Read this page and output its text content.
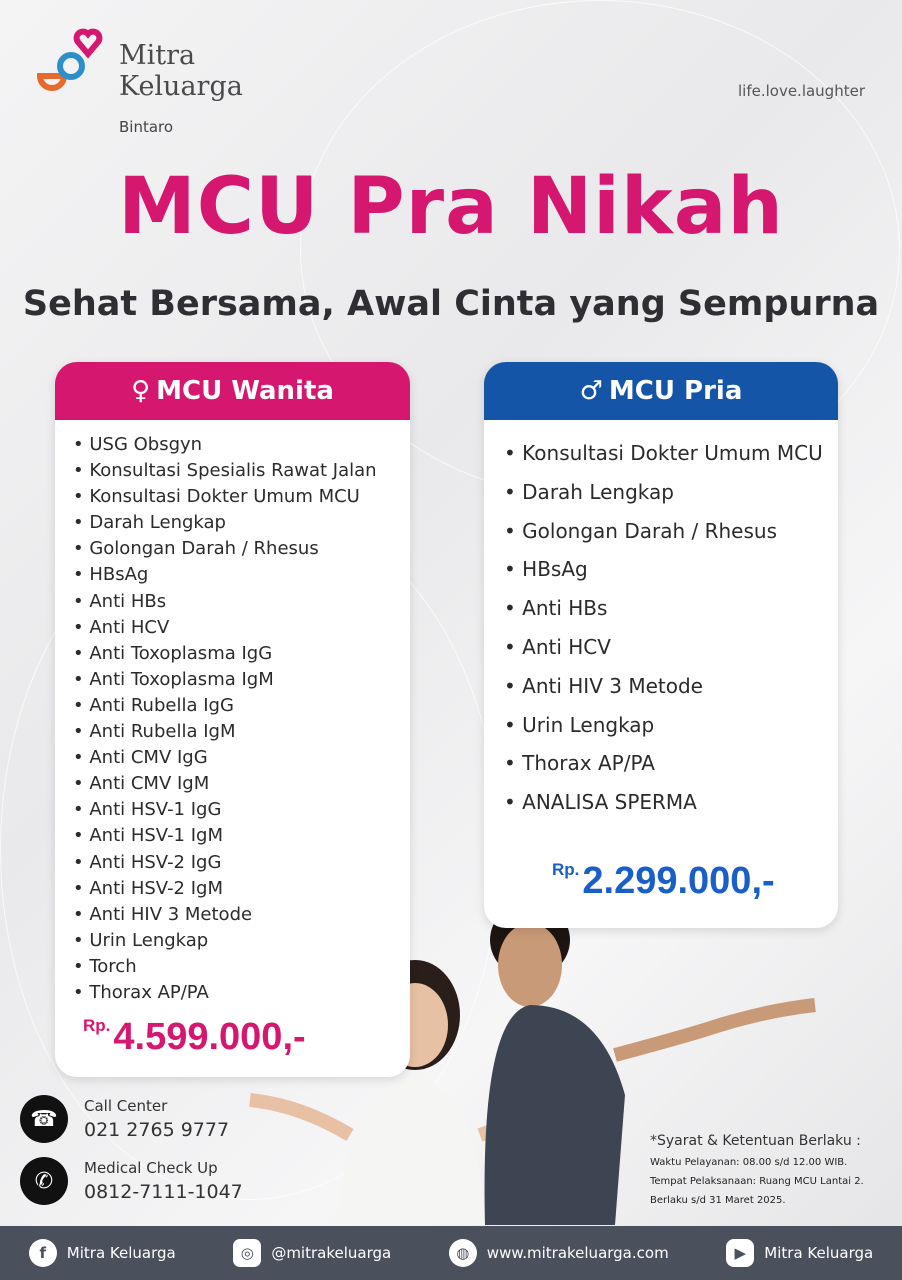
Mitra
Keluarga
Bintaro
life.love.laughter
MCU Pra Nikah
Sehat Bersama, Awal Cinta yang Sempurna
♀ MCU Wanita
• USG Obsgyn
• Konsultasi Spesialis Rawat Jalan
• Konsultasi Dokter Umum MCU
• Darah Lengkap
• Golongan Darah / Rhesus
• HBsAg
• Anti HBs
• Anti HCV
• Anti Toxoplasma IgG
• Anti Toxoplasma IgM
• Anti Rubella IgG
• Anti Rubella IgM
• Anti CMV IgG
• Anti CMV IgM
• Anti HSV-1 IgG
• Anti HSV-1 IgM
• Anti HSV-2 IgG
• Anti HSV-2 IgM
• Anti HIV 3 Metode
• Urin Lengkap
• Torch
• Thorax AP/PA
$^{Rp.}$4.599.000,-
♂ MCU Pria
• Konsultasi Dokter Umum MCU
• Darah Lengkap
• Golongan Darah / Rhesus
• HBsAg
• Anti HBs
• Anti HCV
• Anti HIV 3 Metode
• Urin Lengkap
• Thorax AP/PA
• ANALISA SPERMA
$^{Rp.}$2.299.000,-
☎
Call Center
021 2765 9777
✆
Medical Check Up
0812-7111-1047
*Syarat & Ketentuan Berlaku :
Waktu Pelayanan: 08.00 s/d 12.00 WIB.
Tempat Pelaksanaan: Ruang MCU Lantai 2.
Berlaku s/d 31 Maret 2025.
f	Mitra Keluarga	◎	@mitrakeluarga	◍	www.mitrakeluarga.com	▶	Mitra Keluarga
